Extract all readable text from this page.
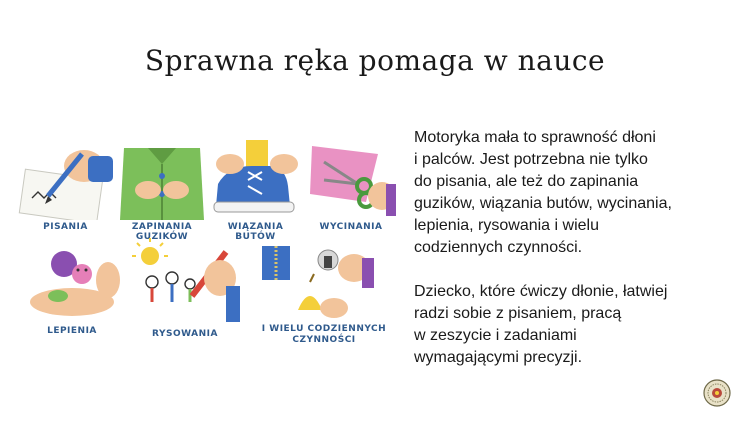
Sprawna ręka pomaga w nauce
PISANIA	ZAPINANIA GUZIKÓW
WIĄZANIA BUTÓW
WYCINANIA
LEPIENIA	RYSOWANIA	I WIELU CODZIENNYCH
CZYNNOŚCI

Motoryka mała to sprawność dłoni
i palców. Jest potrzebna nie tylko
do pisania, ale też do zapinania
guzików, wiązania butów, wycinania,
lepienia, rysowania i wielu
codziennych czynności.

Dziecko, które ćwiczy dłonie, łatwiej
radzi sobie z pisaniem, pracą
w zeszycie i zadaniami
wymagającymi precyzji.
